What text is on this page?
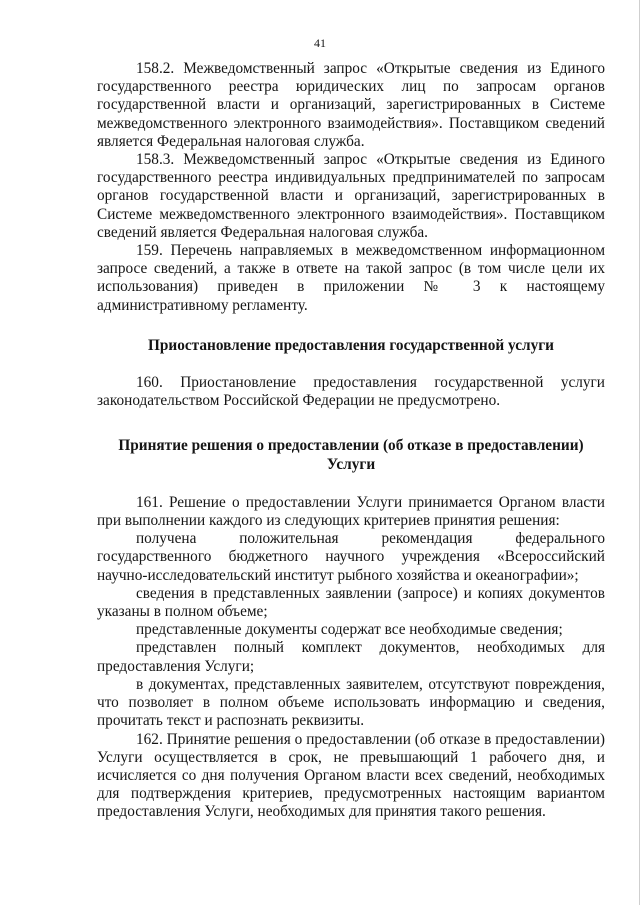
41

158.2. Межведомственный запрос «Открытые сведения из Единого государственного реестра юридических лиц по запросам органов государственной власти и организаций, зарегистрированных в Системе межведомственного электронного взаимодействия». Поставщиком сведений является Федеральная налоговая служба.

158.3. Межведомственный запрос «Открытые сведения из Единого государственного реестра индивидуальных предпринимателей по запросам органов государственной власти и организаций, зарегистрированных в Системе межведомственного электронного взаимодействия». Поставщиком сведений является Федеральная налоговая служба.

159. Перечень направляемых в межведомственном информационном запросе сведений, а также в ответе на такой запрос (в том числе цели их использования) приведен в приложении № 3 к настоящему административному регламенту.

Приостановление предоставления государственной услуги

160. Приостановление предоставления государственной услуги законодательством Российской Федерации не предусмотрено.

Принятие решения о предоставлении (об отказе в предоставлении)
Услуги

161. Решение о предоставлении Услуги принимается Органом власти при выполнении каждого из следующих критериев принятия решения:

получена положительная рекомендация федерального государственного бюджетного научного учреждения «Всероссийский научно-исследовательский институт рыбного хозяйства и океанографии»;

сведения в представленных заявлении (запросе) и копиях документов указаны в полном объеме;

представленные документы содержат все необходимые сведения;

представлен полный комплект документов, необходимых для предоставления Услуги;

в документах, представленных заявителем, отсутствуют повреждения, что позволяет в полном объеме использовать информацию и сведения, прочитать текст и распознать реквизиты.

162. Принятие решения о предоставлении (об отказе в предоставлении) Услуги осуществляется в срок, не превышающий 1 рабочего дня, и исчисляется со дня получения Органом власти всех сведений, необходимых для подтверждения критериев, предусмотренных настоящим вариантом предоставления Услуги, необходимых для принятия такого решения.
